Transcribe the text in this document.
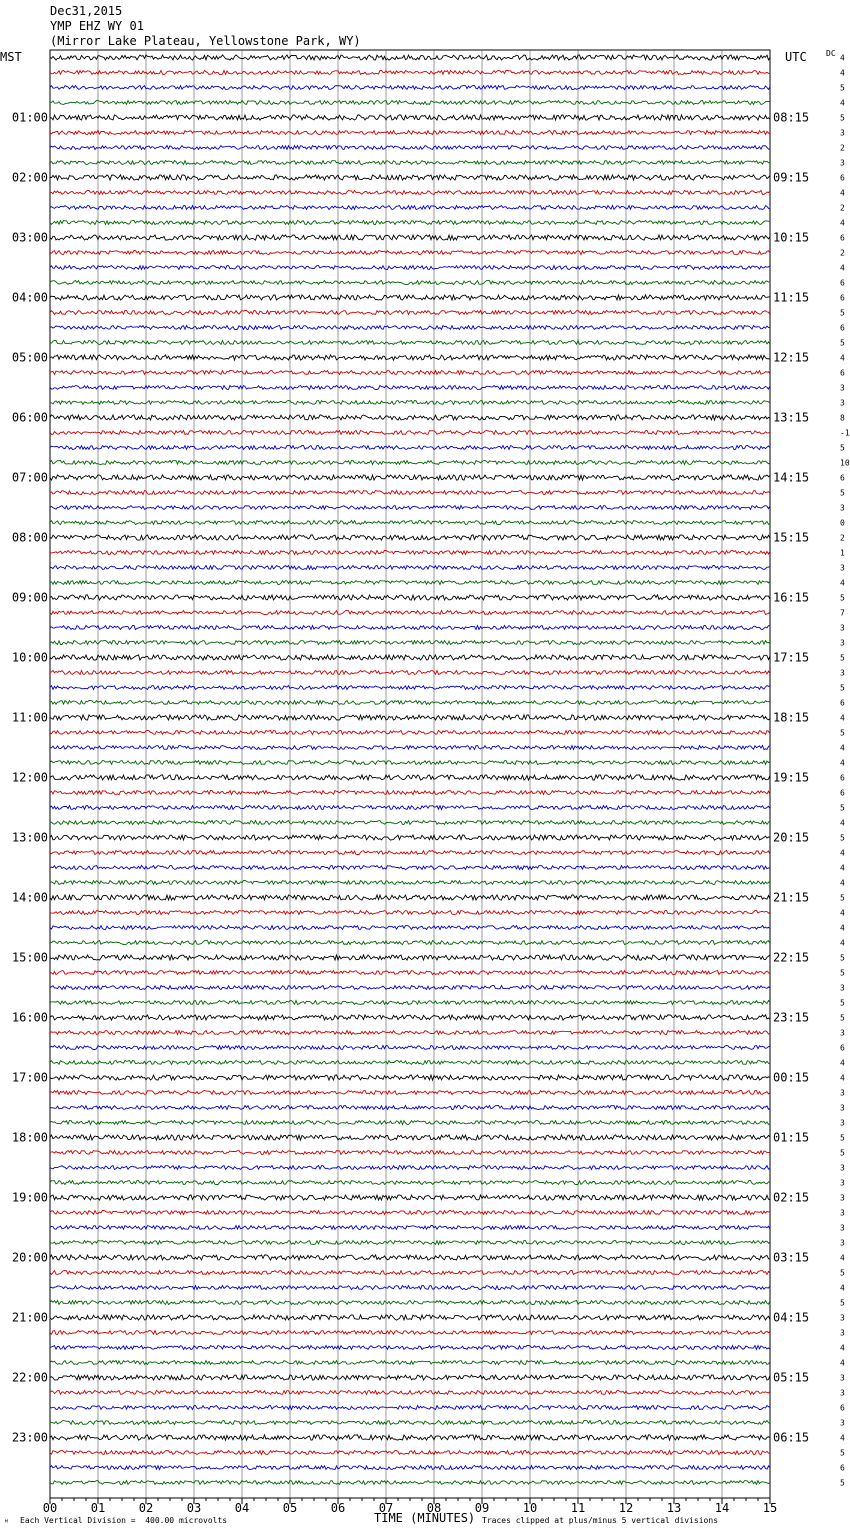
Dec31,2015
YMP EHZ WY 01
(Mirror Lake Plateau, Yellowstone Park, WY)
MST	UTC DC 4
4
5
4
5
3
2
3
6
4
2
4
6
2
4
6
6
5
6
5
4
6
3
3
8
-1
5
10
6
5
3
0
2
1
3
4
5
7
3
3
5
3
5
6
4
5
4
4
6
6
5
4
5
4
4
4
5
4
4
4
5
5
3
5
5
3
6
4
4
3
3
3
5
5
3
3
3
3
3
3
4
5
4
5
3
3
4
4
3
3
6
3
4
5
6
5
01:00
02:00
03:00
04:00
05:00
06:00
07:00
08:00
09:00
10:00
11:00
12:00
13:00
14:00
15:00
16:00
17:00
18:00
19:00
20:00
21:00
22:00
23:00
08:15
09:15
10:15
11:15
12:15
13:15
14:15
15:15
16:15
17:15
18:15
19:15
20:15
21:15
22:15
23:15
00:15
01:15
02:15
03:15
04:15
05:15
06:15
00	01	02	03	04	05	06	07	08	09	10	11	12	13	14	15
ᴹ Each Vertical Division =  400.00 microvolts	TIME (MINUTES) Traces clipped at plus/minus 5 vertical divisions
